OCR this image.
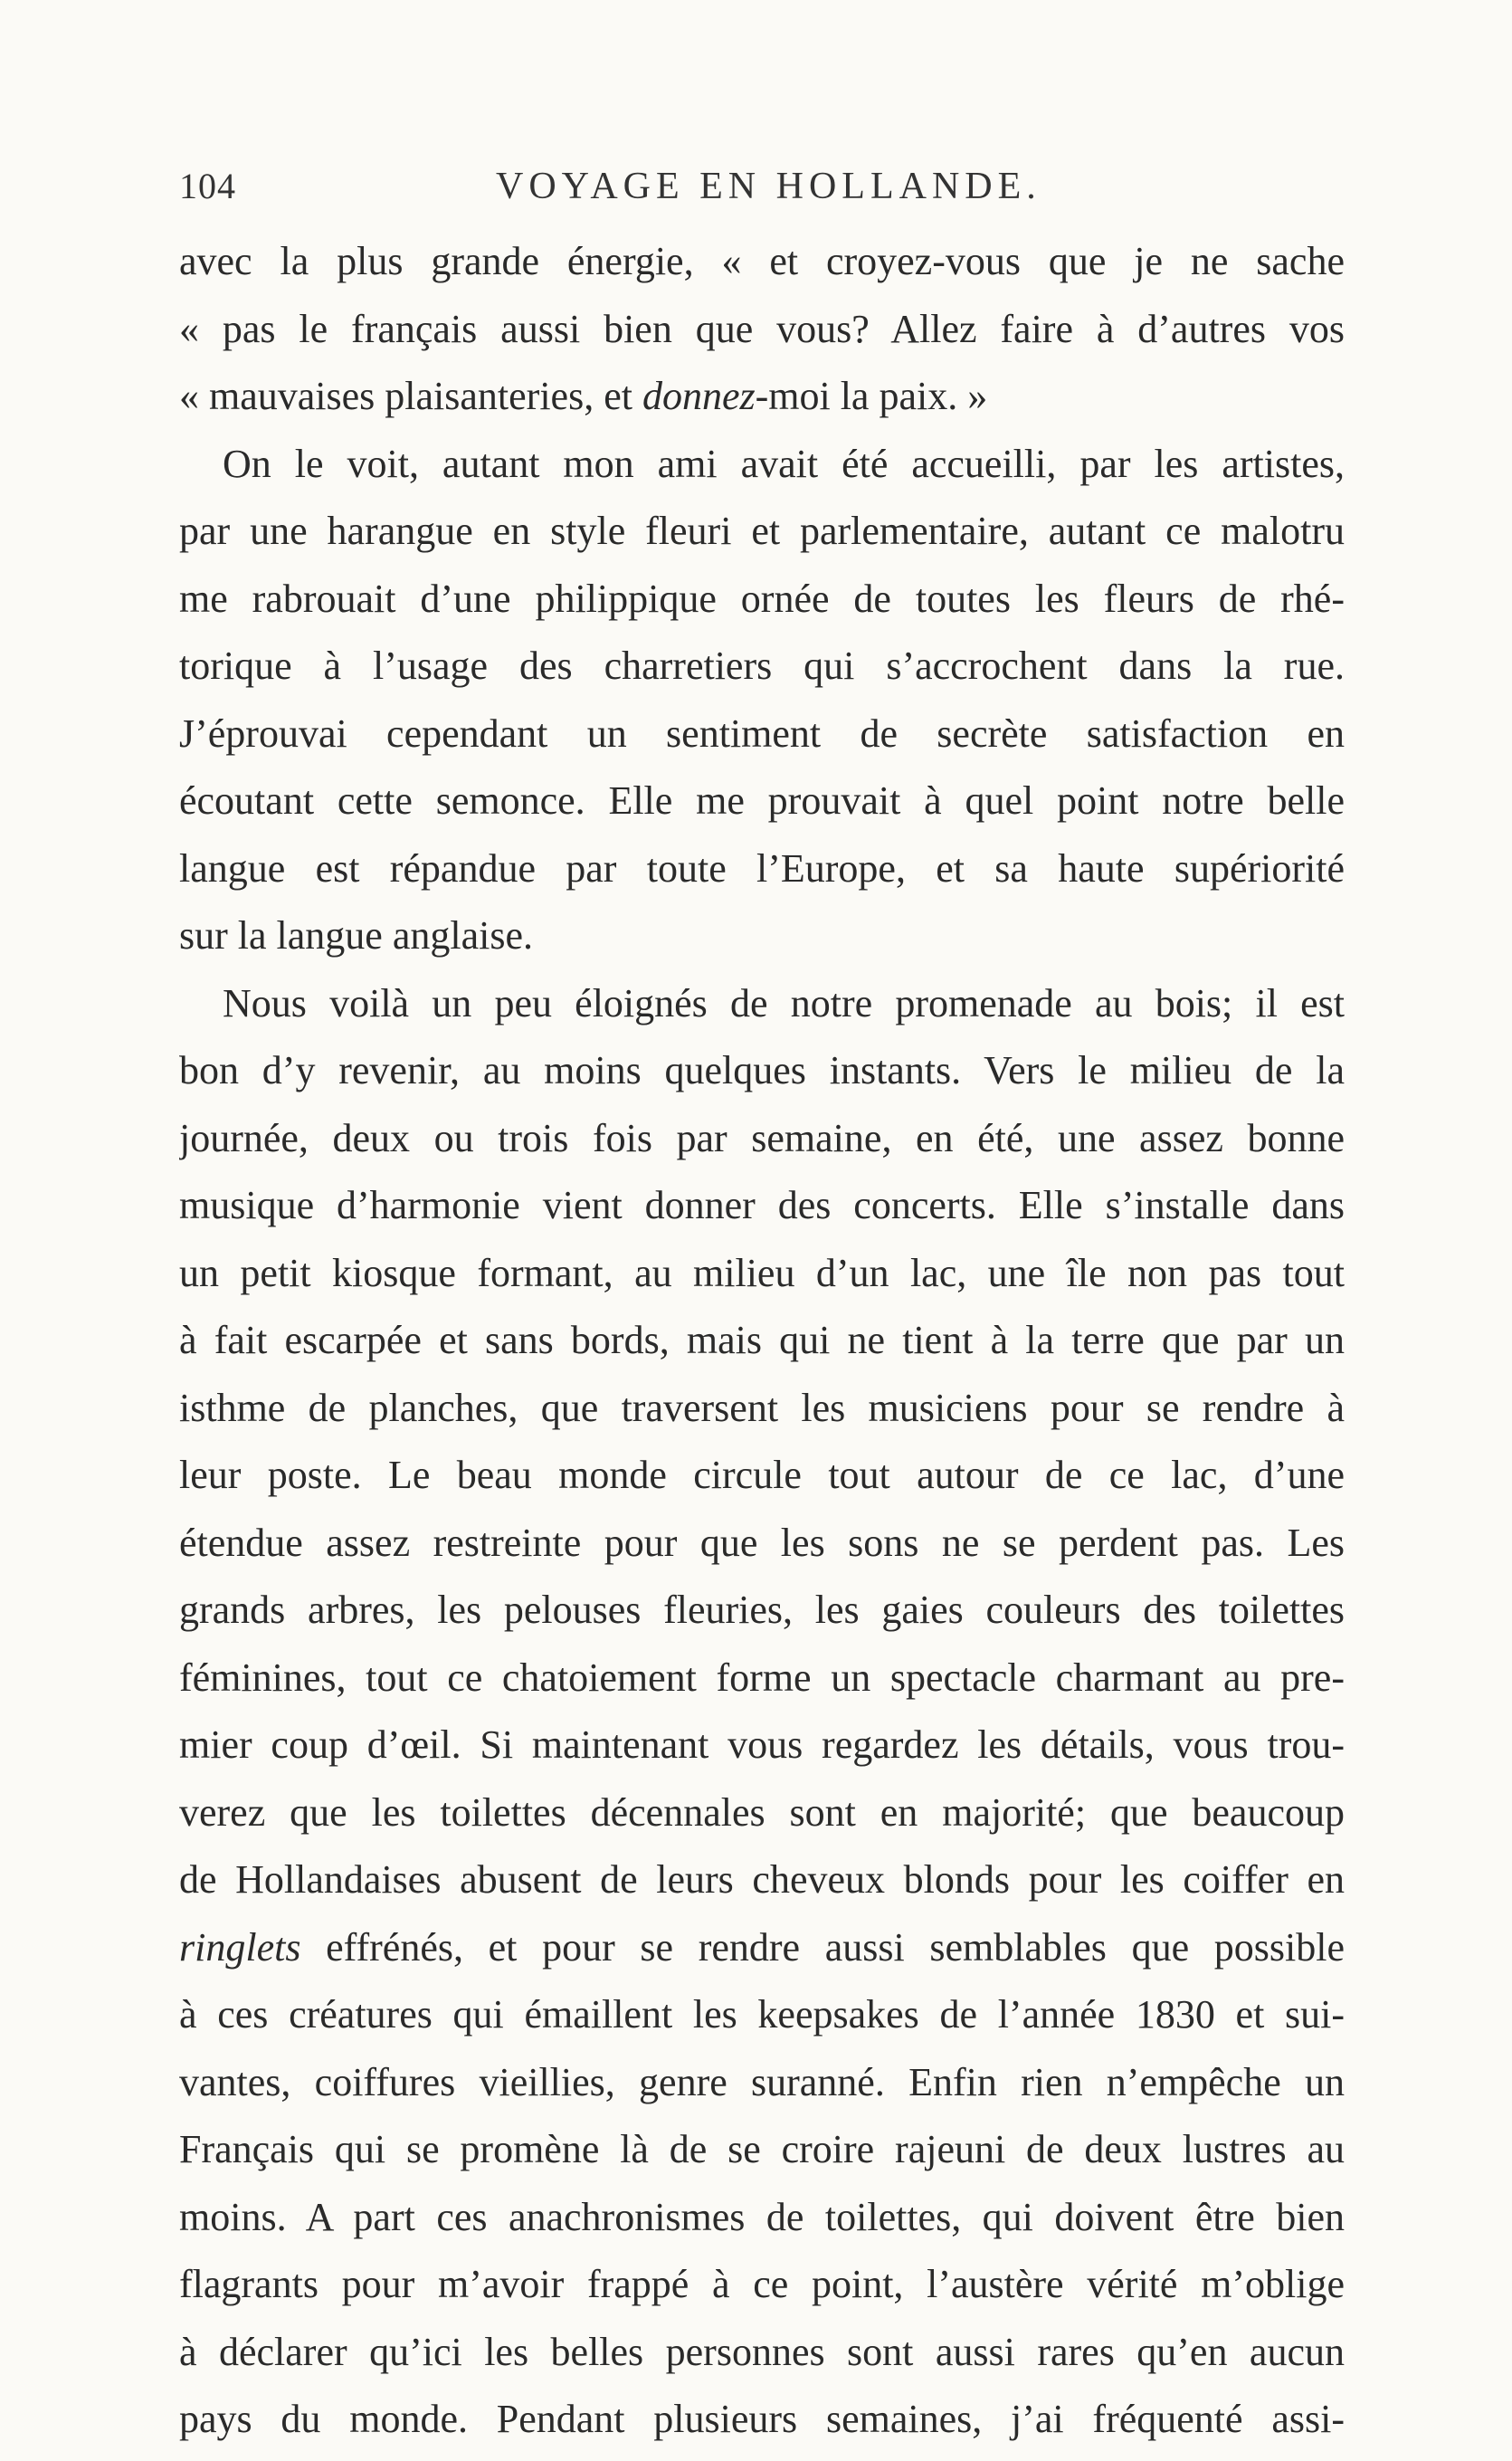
104	VOYAGE EN HOLLANDE.
avec la plus grande énergie, « et croyez-vous que je ne sache
« pas le français aussi bien que vous? Allez faire à d’autres vos
« mauvaises plaisanteries, et donnez-moi la paix. »
On le voit, autant mon ami avait été accueilli, par les artistes,
par une harangue en style fleuri et parlementaire, autant ce malotru
me rabrouait d’une philippique ornée de toutes les fleurs de rhé-
torique à l’usage des charretiers qui s’accrochent dans la rue.
J’éprouvai cependant un sentiment de secrète satisfaction en
écoutant cette semonce. Elle me prouvait à quel point notre belle
langue est répandue par toute l’Europe, et sa haute supériorité
sur la langue anglaise.
Nous voilà un peu éloignés de notre promenade au bois; il est
bon d’y revenir, au moins quelques instants. Vers le milieu de la
journée, deux ou trois fois par semaine, en été, une assez bonne
musique d’harmonie vient donner des concerts. Elle s’installe dans
un petit kiosque formant, au milieu d’un lac, une île non pas tout
à fait escarpée et sans bords, mais qui ne tient à la terre que par un
isthme de planches, que traversent les musiciens pour se rendre à
leur poste. Le beau monde circule tout autour de ce lac, d’une
étendue assez restreinte pour que les sons ne se perdent pas. Les
grands arbres, les pelouses fleuries, les gaies couleurs des toilettes
féminines, tout ce chatoiement forme un spectacle charmant au pre-
mier coup d’œil. Si maintenant vous regardez les détails, vous trou-
verez que les toilettes décennales sont en majorité; que beaucoup
de Hollandaises abusent de leurs cheveux blonds pour les coiffer en
ringlets effrénés, et pour se rendre aussi semblables que possible
à ces créatures qui émaillent les keepsakes de l’année 1830 et sui-
vantes, coiffures vieillies, genre suranné. Enfin rien n’empêche un
Français qui se promène là de se croire rajeuni de deux lustres au
moins. A part ces anachronismes de toilettes, qui doivent être bien
flagrants pour m’avoir frappé à ce point, l’austère vérité m’oblige
à déclarer qu’ici les belles personnes sont aussi rares qu’en aucun
pays du monde. Pendant plusieurs semaines, j’ai fréquenté assi-
